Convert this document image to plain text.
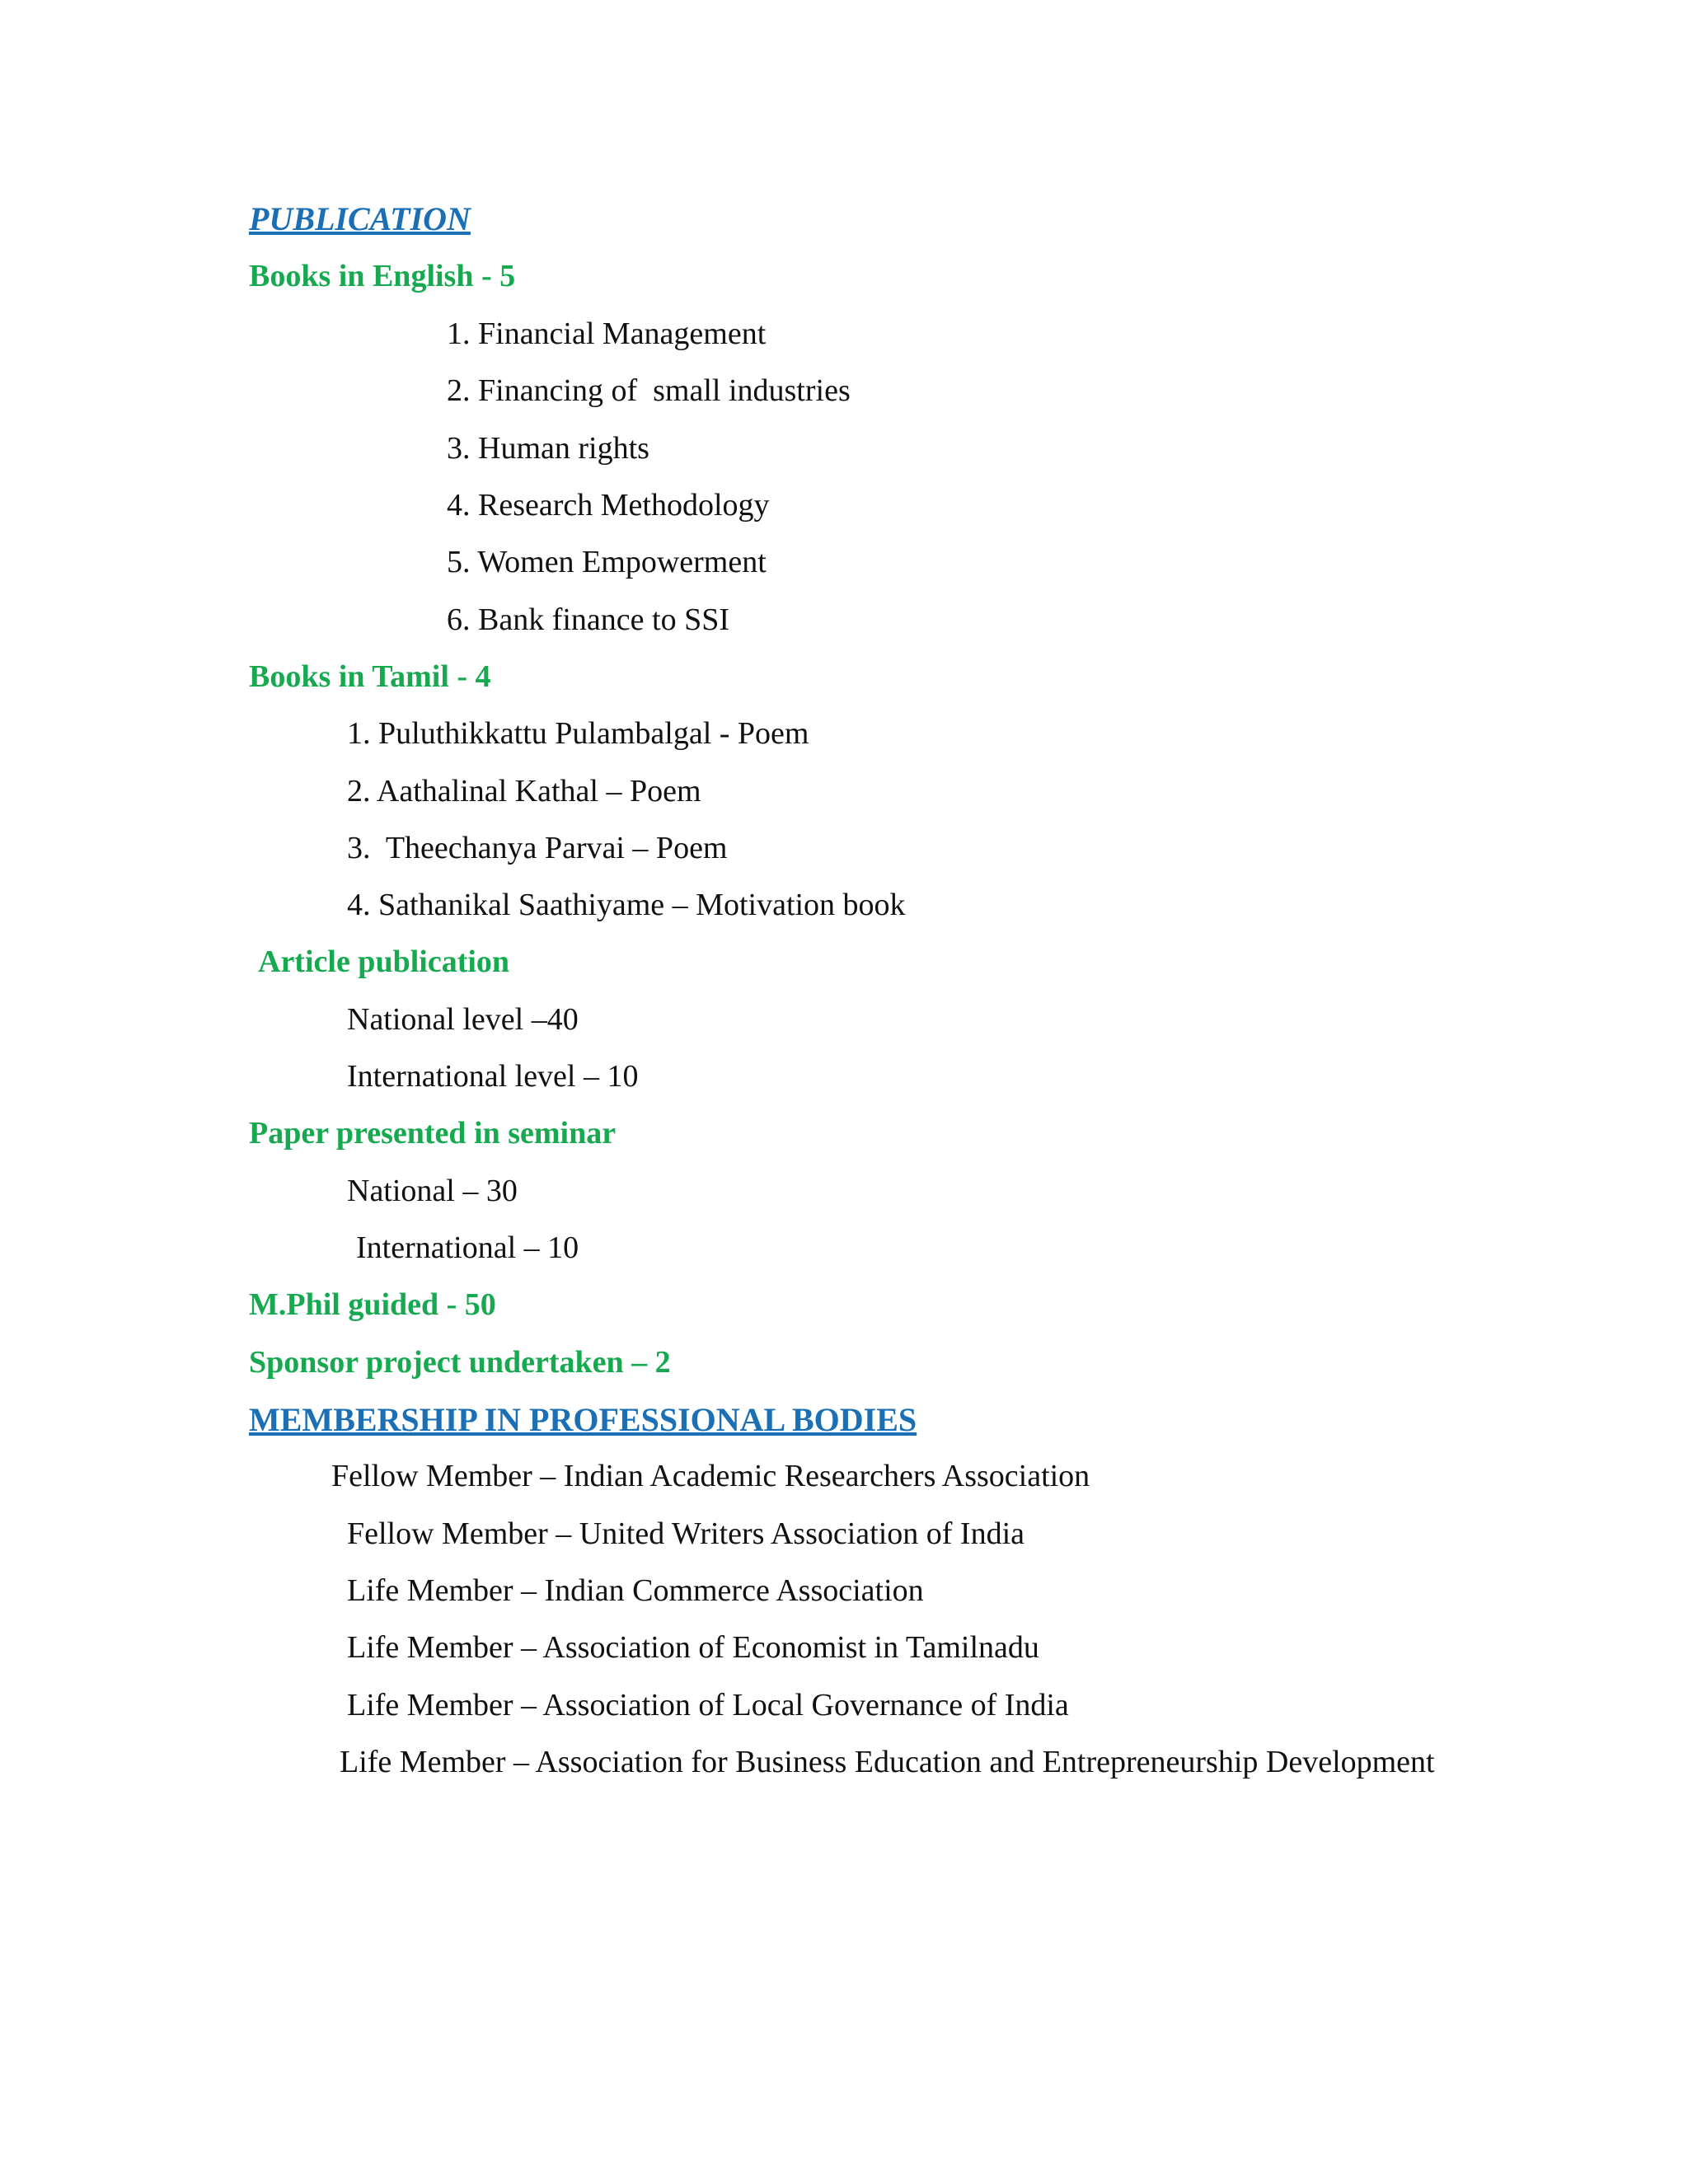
PUBLICATION
Books in English - 5
1. Financial Management
2. Financing of  small industries
3. Human rights
4. Research Methodology
5. Women Empowerment
6. Bank finance to SSI
Books in Tamil - 4
1. Puluthikkattu Pulambalgal - Poem
2. Aathalinal Kathal – Poem
3.  Theechanya Parvai – Poem
4. Sathanikal Saathiyame – Motivation book
Article publication
National level –40
International level – 10
Paper presented in seminar
National – 30
International – 10
M.Phil guided - 50
Sponsor project undertaken – 2
MEMBERSHIP IN PROFESSIONAL BODIES
Fellow Member – Indian Academic Researchers Association
Fellow Member – United Writers Association of India
Life Member – Indian Commerce Association
Life Member – Association of Economist in Tamilnadu
Life Member – Association of Local Governance of India
Life Member – Association for Business Education and Entrepreneurship Development
